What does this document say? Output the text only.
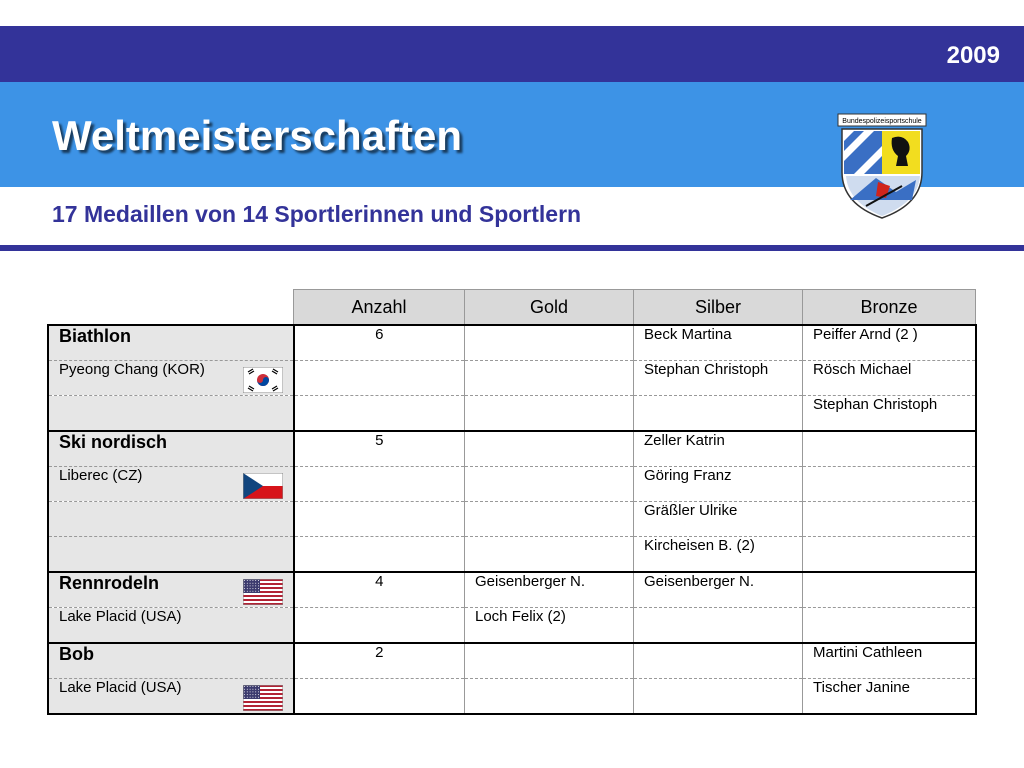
2009
Weltmeisterschaften	Bundespolizeisportschule
17 Medaillen von 14 Sportlerinnen und Sportlern
	Anzahl	Gold	Silber	Bronze
Biathlon	6		Beck Martina	Peiffer Arnd (2 )
Pyeong Chang (KOR)			Stephan Christoph	Rösch Michael
				Stephan Christoph
Ski nordisch	5		Zeller Katrin	
Liberec (CZ)			Göring Franz	
			Gräßler Ulrike	
			Kircheisen B. (2)	
Rennrodeln	4	Geisenberger N.	Geisenberger N.	
Lake Placid (USA)		Loch Felix (2)		
Bob	2			Martini Cathleen
Lake Placid (USA)				Tischer Janine
